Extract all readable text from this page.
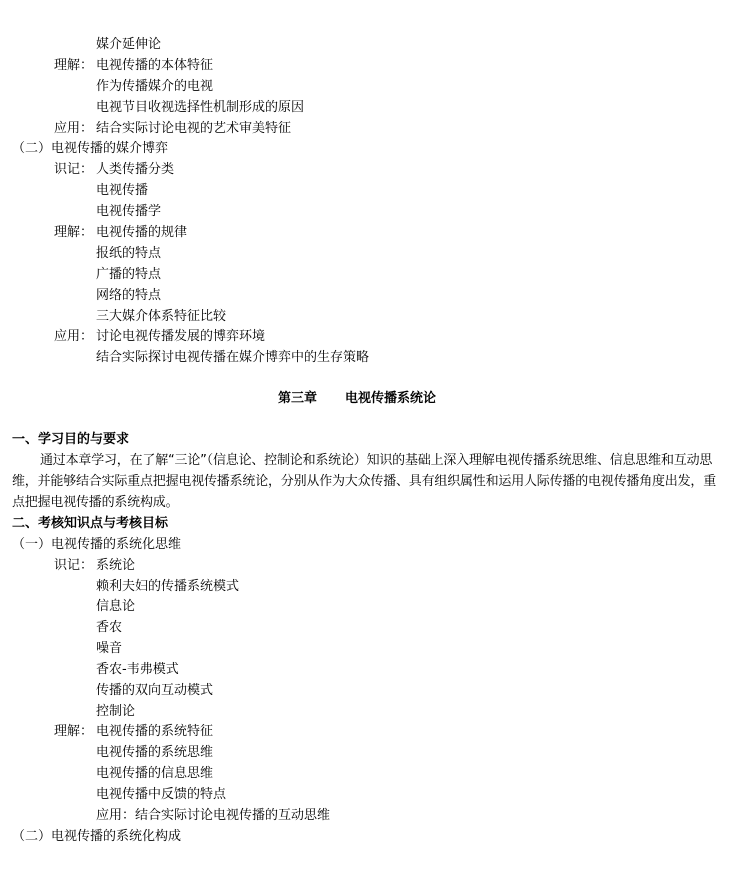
媒介延伸论
理解： 电视传播的本体特征
作为传播媒介的电视
电视节目收视选择性机制形成的原因
应用： 结合实际讨论电视的艺术审美特征
（二）电视传播的媒介博弈
识记： 人类传播分类
电视传播
电视传播学
理解： 电视传播的规律
报纸的特点
广播的特点
网络的特点
三大媒介体系特征比较
应用： 讨论电视传播发展的博弈环境
结合实际探讨电视传播在媒介博弈中的生存策略
第三章 电视传播系统论
一、学习目的与要求
通过本章学习，在了解“三论”（信息论、控制论和系统论）知识的基础上深入理解电视传播系统思维、信息思维和互动思维，并能够结合实际重点把握电视传播系统论，分别从作为大众传播、具有组织属性和运用人际传播的电视传播角度出发，重点把握电视传播的系统构成。
二、考核知识点与考核目标
（一）电视传播的系统化思维
识记： 系统论
赖利夫妇的传播系统模式
信息论
香农
噪音
香农-韦弗模式
传播的双向互动模式
控制论
理解： 电视传播的系统特征
电视传播的系统思维
电视传播的信息思维
电视传播中反馈的特点
应用：结合实际讨论电视传播的互动思维
（二）电视传播的系统化构成
